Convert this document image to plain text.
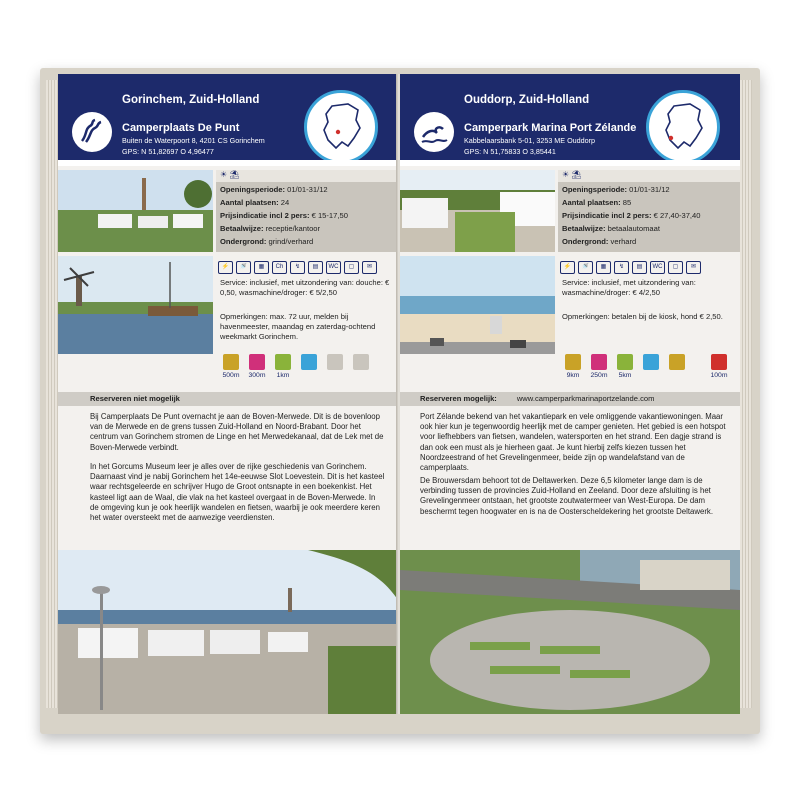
Gorinchem, Zuid-Holland
Camperplaats De Punt
Buiten de Waterpoort 8, 4201 CS Gorinchem
GPS: N 51,82697 O 4,96477
☀ ⛱
Openingsperiode: 01/01-31/12
Aantal plaatsen: 24
Prijsindicatie incl 2 pers: € 15-17,50
Betaalwijze: receptie/kantoor
Ondergrond: grind/verhard
⚡	🚿	▦	Ch	↯	▤	WC	▢	✉
Service: inclusief, met uitzondering van: douche: € 0,50, wasmachine/droger: € 5/2,50
Opmerkingen: max. 72 uur, melden bij havenmeester, maandag en zaterdag-ochtend weekmarkt Gorinchem.
500m	300m	1km
Reserveren niet mogelijk
Bij Camperplaats De Punt overnacht je aan de Boven-Merwede. Dit is de bovenloop van de Merwede en de grens tussen Zuid-Holland en Noord-Brabant. Door het centrum van Gorinchem stromen de Linge en het Merwedekanaal, dat de Lek met de Boven-Merwede verbindt.
In het Gorcums Museum leer je alles over de rijke geschiedenis van Gorinchem. Daarnaast vind je nabij Gorinchem het 14e-eeuwse Slot Loevestein. Dit is het kasteel waar rechtsgeleerde en schrijver Hugo de Groot ontsnapte in een boekenkist. Het kasteel ligt aan de Waal, die vlak na het kasteel overgaat in de Boven-Merwede. In de omgeving kun je ook heerlijk wandelen en fietsen, waarbij je ook meerdere keren het water oversteekt met de aanwezige veerdiensten.
Ouddorp, Zuid-Holland
Camperpark Marina Port Zélande
Kabbelaarsbank 5-01, 3253 ME Ouddorp
GPS: N 51,75833 O 3,85441
☀ ⛱
Openingsperiode: 01/01-31/12
Aantal plaatsen: 85
Prijsindicatie incl 2 pers: € 27,40-37,40
Betaalwijze: betaalautomaat
Ondergrond: verhard
⚡	🚿	▦	↯	▤	WC	▢	✉
Service: inclusief, met uitzondering van: wasmachine/droger: € 4/2,50
Opmerkingen: betalen bij de kiosk, hond € 2,50.
9km	250m	5km	100m
Reserveren mogelijk:	www.camperparkmarinaportzelande.com
Port Zélande bekend van het vakantiepark en vele omliggende vakantiewoningen. Maar ook hier kun je tegenwoordig heerlijk met de camper genieten. Het gebied is een hotspot voor liefhebbers van fietsen, wandelen, watersporten en het strand. Een dagje strand is dan ook een must als je hierheen gaat. Je kunt hierbij zelfs kiezen tussen het Noordzeestrand of het Grevelingenmeer, beide zijn op wandelafstand van de camperplaats.
De Brouwersdam behoort tot de Deltawerken. Deze 6,5 kilometer lange dam is de verbinding tussen de provincies Zuid-Holland en Zeeland. Door deze afsluiting is het Grevelingenmeer ontstaan, het grootste zoutwatermeer van West-Europa. De dam beschermt tegen hoogwater en is na de Oosterscheldekering het grootste Deltawerk.
